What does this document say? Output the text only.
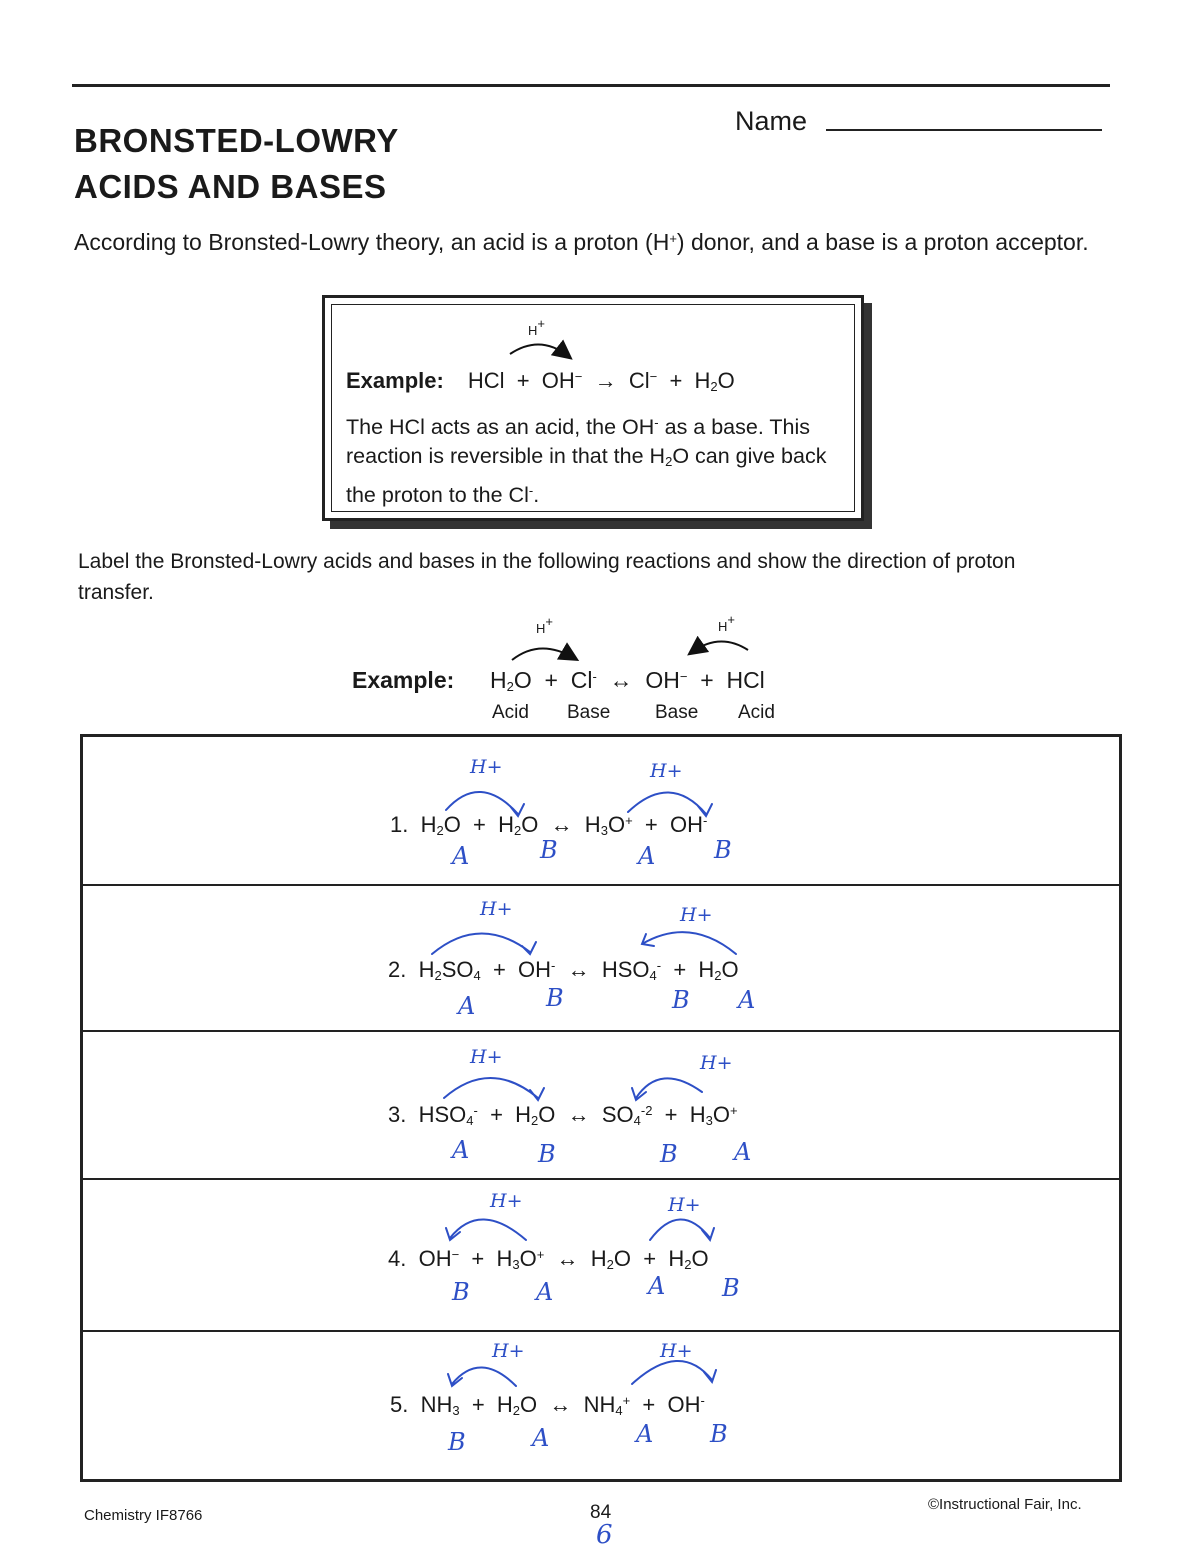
BRONSTED-LOWRY
ACIDS AND BASES
Name
According to Bronsted-Lowry theory, an acid is a proton (H+) donor, and a base is a proton acceptor.
H+
Example: HCl  +  $OH^- \to Cl^- + H_2O$
The HCl acts as an acid, the OH- as a base. This reaction is reversible in that the $H_2O$ can give back the proton to the Cl-.
Label the Bronsted-Lowry acids and bases in the following reactions and show the direction of proton transfer.
H+	H+
Example: $H_2O + Cl^-$  ↔  OH−  +  HCl
Acid Base Base Acid
1.  $H_2O + H_2O$  ↔  $H_3O^+ + OH^-$
H+	H+
A	B	A B
2.  $H_2SO_4 + OH^-$  ↔  $HSO_4^- + H_2O$
H+	H+
A	B	B A
3.  $HSO_4^- + H_2O$  ↔  $SO_4^{-2} + H_3O^+$
H+	H+
A	B	B A
4.  $OH^- + H_3O^+$  ↔  $H_2O + H_2O$
H+	H+
B	A	A B
5.  $NH_3 + H_2O$  ↔  $NH_4^+ + OH^-$
H+	H+
B	A	A B
Chemistry IF8766	84
6
©Instructional Fair, Inc.
